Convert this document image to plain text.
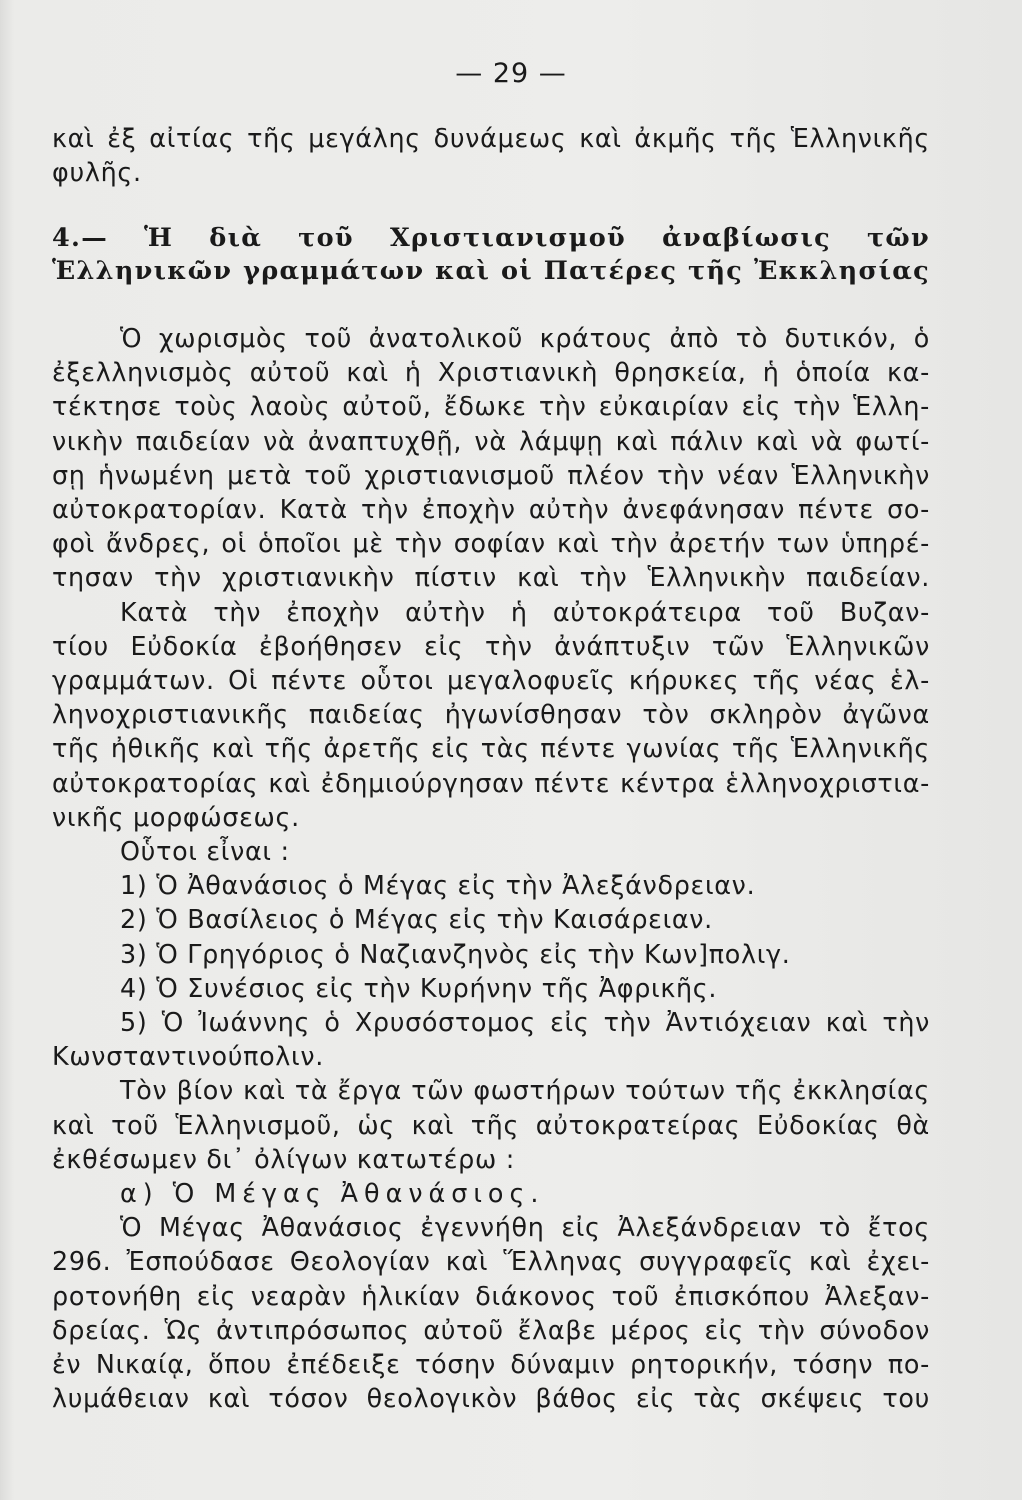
— 29 —
καὶ ἐξ αἰτίας τῆς μεγάλης δυνάμεως καὶ ἀκμῆς τῆς Ἑλληνικῆς
φυλῆς.
4.— Ἡ διὰ τοῦ Χριστιανισμοῦ ἀναβίωσις τῶν
Ἑλληνικῶν γραμμάτων καὶ οἱ Πατέρες τῆς Ἐκκλησίας
Ὁ χωρισμὸς τοῦ ἀνατολικοῦ κράτους ἀπὸ τὸ δυτικόν, ὁ
ἐξελληνισμὸς αὐτοῦ καὶ ἡ Χριστιανικὴ θρησκεία, ἡ ὁποία κα-
τέκτησε τοὺς λαοὺς αὐτοῦ, ἔδωκε τὴν εὐκαιρίαν εἰς τὴν Ἑλλη-
νικὴν παιδείαν νὰ ἀναπτυχθῇ, νὰ λάμψῃ καὶ πάλιν καὶ νὰ φωτί-
σῃ ἡνωμένη μετὰ τοῦ χριστιανισμοῦ πλέον τὴν νέαν Ἑλληνικὴν
αὐτοκρατορίαν. Κατὰ τὴν ἐποχὴν αὐτὴν ἀνεφάνησαν πέντε σο-
φοὶ ἄνδρες, οἱ ὁποῖοι μὲ τὴν σοφίαν καὶ τὴν ἀρετήν των ὑπηρέ-
τησαν τὴν χριστιανικὴν πίστιν καὶ τὴν Ἑλληνικὴν παιδείαν.
Κατὰ τὴν ἐποχὴν αὐτὴν ἡ αὐτοκράτειρα τοῦ Βυζαν-
τίου Εὐδοκία ἐβοήθησεν εἰς τὴν ἀνάπτυξιν τῶν Ἑλληνικῶν
γραμμάτων. Οἱ πέντε οὗτοι μεγαλοφυεῖς κήρυκες τῆς νέας ἑλ-
ληνοχριστιανικῆς παιδείας ἠγωνίσθησαν τὸν σκληρὸν ἀγῶνα
τῆς ἠθικῆς καὶ τῆς ἀρετῆς εἰς τὰς πέντε γωνίας τῆς Ἑλληνικῆς
αὐτοκρατορίας καὶ ἐδημιούργησαν πέντε κέντρα ἑλληνοχριστια-
νικῆς μορφώσεως.
Οὗτοι εἶναι :
1) Ὁ Ἀθανάσιος ὁ Μέγας εἰς τὴν Ἀλεξάνδρειαν.
2) Ὁ Βασίλειος ὁ Μέγας εἰς τὴν Καισάρειαν.
3) Ὁ Γρηγόριος ὁ Ναζιανζηνὸς εἰς τὴν Κων]πολιγ.
4) Ὁ Συνέσιος εἰς τὴν Κυρήνην τῆς Ἀφρικῆς.
5) Ὁ Ἰωάννης ὁ Χρυσόστομος εἰς τὴν Ἀντιόχειαν καὶ τὴν
Κωνσταντινούπολιν.
Τὸν βίον καὶ τὰ ἔργα τῶν φωστήρων τούτων τῆς ἐκκλησίας
καὶ τοῦ Ἑλληνισμοῦ, ὡς καὶ τῆς αὐτοκρατείρας Εὐδοκίας θὰ
ἐκθέσωμεν δι᾽ ὀλίγων κατωτέρω :
α) Ὁ Μέγας Ἀθανάσιος.
Ὁ Μέγας Ἀθανάσιος ἐγεννήθη εἰς Ἀλεξάνδρειαν τὸ ἔτος
296. Ἐσπούδασε Θεολογίαν καὶ Ἕλληνας συγγραφεῖς καὶ ἐχει-
ροτονήθη εἰς νεαρὰν ἡλικίαν διάκονος τοῦ ἐπισκόπου Ἀλεξαν-
δρείας. Ὡς ἀντιπρόσωπος αὐτοῦ ἔλαβε μέρος εἰς τὴν σύνοδον
ἐν Νικαίᾳ, ὅπου ἐπέδειξε τόσην δύναμιν ρητορικήν, τόσην πο-
λυμάθειαν καὶ τόσον θεολογικὸν βάθος εἰς τὰς σκέψεις του
